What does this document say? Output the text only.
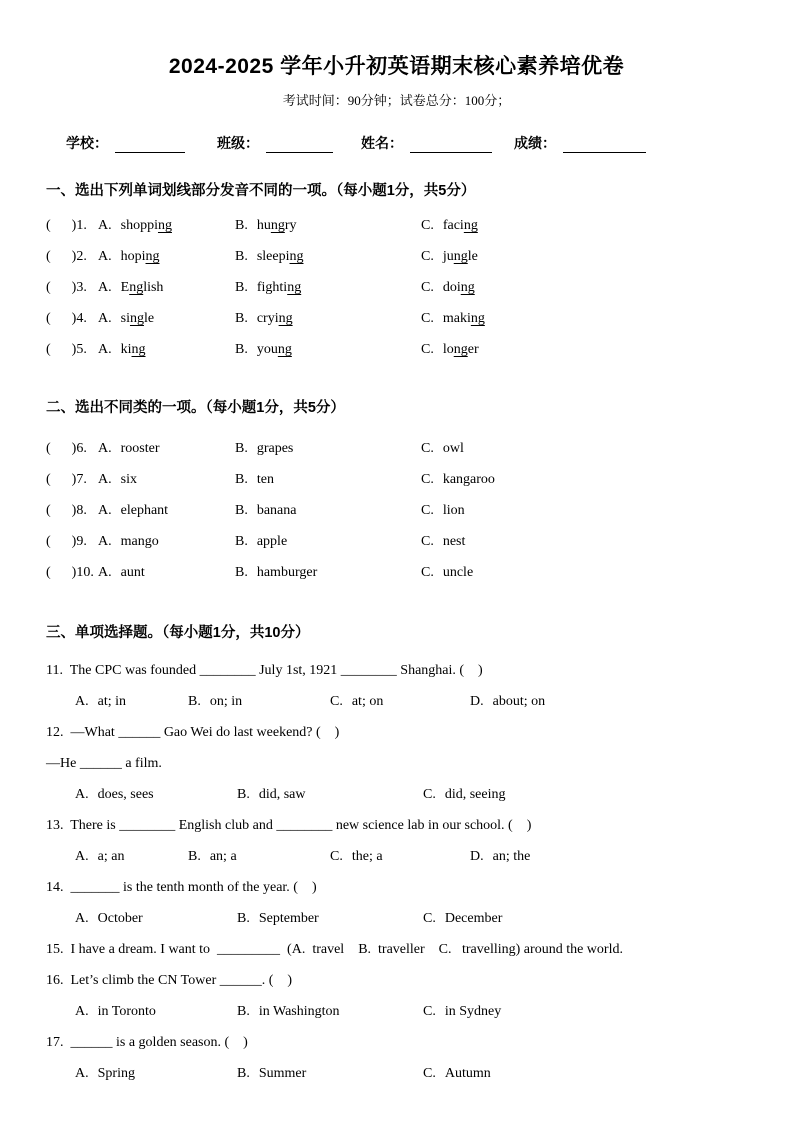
2024-2025 学年小升初英语期末核心素养培优卷
考试时间：90分钟；试卷总分：100分；
学校：	班级：	姓名：	成绩：
一、选出下列单词划线部分发音不同的一项。（每小题1分，共5分）
(      )1. A. shopping	B. hungry	C. facing
(      )2. A. hoping	B. sleeping	C. jungle
(      )3. A. English	B. fighting	C. doing
(      )4. A. single	B. crying	C. making
(      )5. A. king	B. young	C. longer
二、选出不同类的一项。（每小题1分，共5分）
(      )6. A. rooster	B. grapes	C. owl
(      )7. A. six	B. ten	C. kangaroo
(      )8. A. elephant	B. banana	C. lion
(      )9. A. mango	B. apple	C. nest
(      )10. A. aunt	B. hamburger	C. uncle
三、单项选择题。（每小题1分，共10分）
11.  The CPC was founded ________ July 1st, 1921 ________ Shanghai. (    )
A. at; in	B. on; in	C. at; on	D. about; on
12.  —What ______ Gao Wei do last weekend? (    )
—He ______ a film.
A. does, sees	B. did, saw	C. did, seeing
13.  There is ________ English club and ________ new science lab in our school. (    )
A. a; an	B. an; a	C. the; a	D. an; the
14.  _______ is the tenth month of the year. (    )
A. October	B. September	C. December
15.  I have a dream. I want to  _________  (A.  travel    B.  traveller    C.   travelling) around the world.
16.  Let’s climb the CN Tower ______. (    )
A. in Toronto	B. in Washington	C. in Sydney
17.  ______ is a golden season. (    )
A. Spring	B. Summer	C. Autumn
